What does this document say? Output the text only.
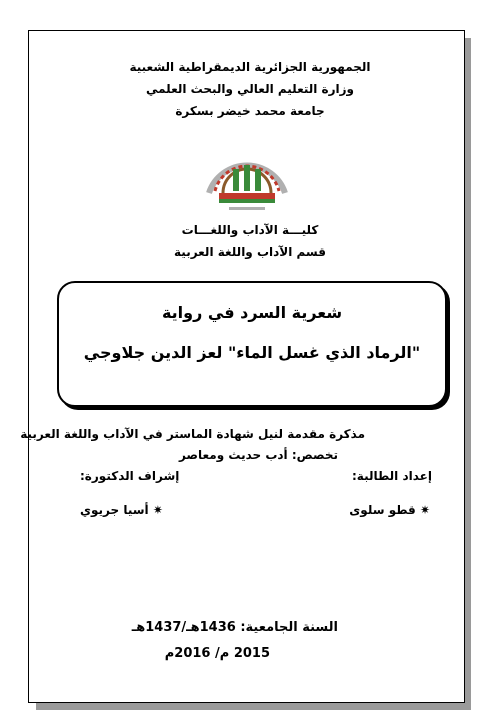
الجمهورية الجزائرية الديمقراطية الشعبية
وزارة التعليم العالي والبحث العلمي
جامعة محمد خيضر بسكرة
كليـــة الآداب واللغـــات
قسم الآداب واللغة العربية
شعرية السرد في رواية
"الرماد الذي غسل الماء" لعز الدين جلاوجي
مذكرة مقدمة لنيل شهادة الماستر في الآداب واللغة العربية
تخصص: أدب حديث ومعاصر
إعداد الطالبة:
إشراف الدكتورة:
✷ قطو سلوى
✷ أسيا جريوي
السنة الجامعية: 1436هـ/1437هـ
2015 م/ 2016م
